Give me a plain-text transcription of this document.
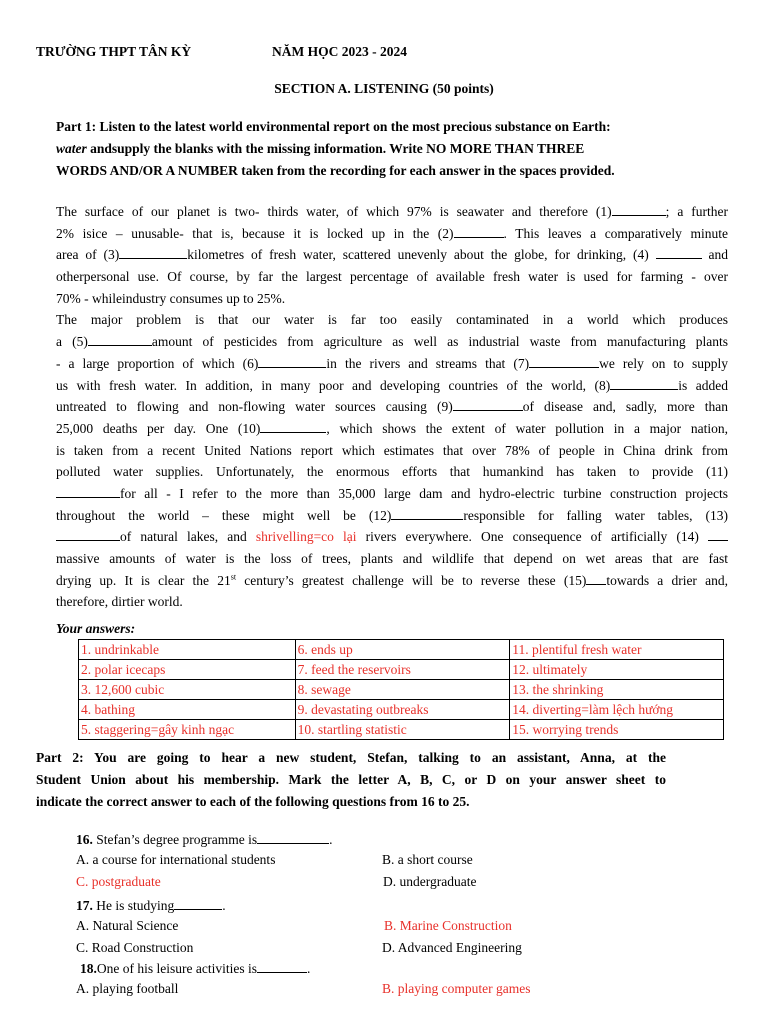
TRƯỜNG THPT TÂN KỲ	NĂM HỌC 2023 - 2024
SECTION A. LISTENING (50 points)
Part 1: Listen to the latest world environmental report on the most precious substance on Earth:
water andsupply the blanks with the missing information. Write NO MORE THAN THREE
WORDS AND/OR A NUMBER taken from the recording for each answer in the spaces provided.
The surface of our planet is two- thirds water, of which 97% is seawater and therefore (1)	; a further
2% isice – unusable- that is, because it is locked up in the (2)	. This leaves a comparatively minute
area of (3)	kilometres of fresh water, scattered unevenly about the globe, for drinking, (4)	and
otherpersonal use. Of course, by far the largest percentage of available fresh water is used for farming - over
70% - whileindustry consumes up to 25%.
The major problem is that our water is far too easily contaminated in a world which produces
a (5)	amount of pesticides from agriculture as well as industrial waste from manufacturing plants
- a large proportion of which (6)	in the rivers and streams that (7)	we rely on to supply
us with fresh water. In addition, in many poor and developing countries of the world, (8)	is added
untreated to flowing and non-flowing water sources causing (9)	of disease and, sadly, more than
25,000 deaths per day. One (10)	, which shows the extent of water pollution in a major nation,
is taken from a recent United Nations report which estimates that over 78% of people in China drink from
polluted water supplies. Unfortunately, the enormous efforts that humankind has taken to provide (11)
for all - I refer to the more than 35,000 large dam and hydro-electric turbine construction projects
throughout the world – these might well be (12)	responsible for falling water tables, (13)
of natural lakes, and shrivelling=co lại rivers everywhere. One consequence of artificially (14)
massive amounts of water is the loss of trees, plants and wildlife that depend on wet areas that are fast
drying up. It is clear the 21st century’s greatest challenge will be to reverse these (15) towards a drier and,
therefore, dirtier world.
Your answers:
1. undrinkable	6. ends up	11. plentiful fresh water
2. polar icecaps	7. feed the reservoirs	12. ultimately
3. 12,600 cubic	8. sewage	13. the shrinking
4. bathing	9. devastating outbreaks	14. diverting=làm lệch hướng
5. staggering=gây kinh ngạc	10. startling statistic	15. worrying trends
Part 2: You are going to hear a new student, Stefan, talking to an assistant, Anna, at the
Student Union about his membership. Mark the letter A, B, C, or D on your answer sheet to
indicate the correct answer to each of the following questions from 16 to 25.
16. Stefan’s degree programme is	.
A. a course for international students	B. a short course
C. postgraduate	D. undergraduate
17. He is studying	.
A. Natural Science	B. Marine Construction
C. Road Construction	D. Advanced Engineering
18.One of his leisure activities is	.
A. playing football	B. playing computer games
